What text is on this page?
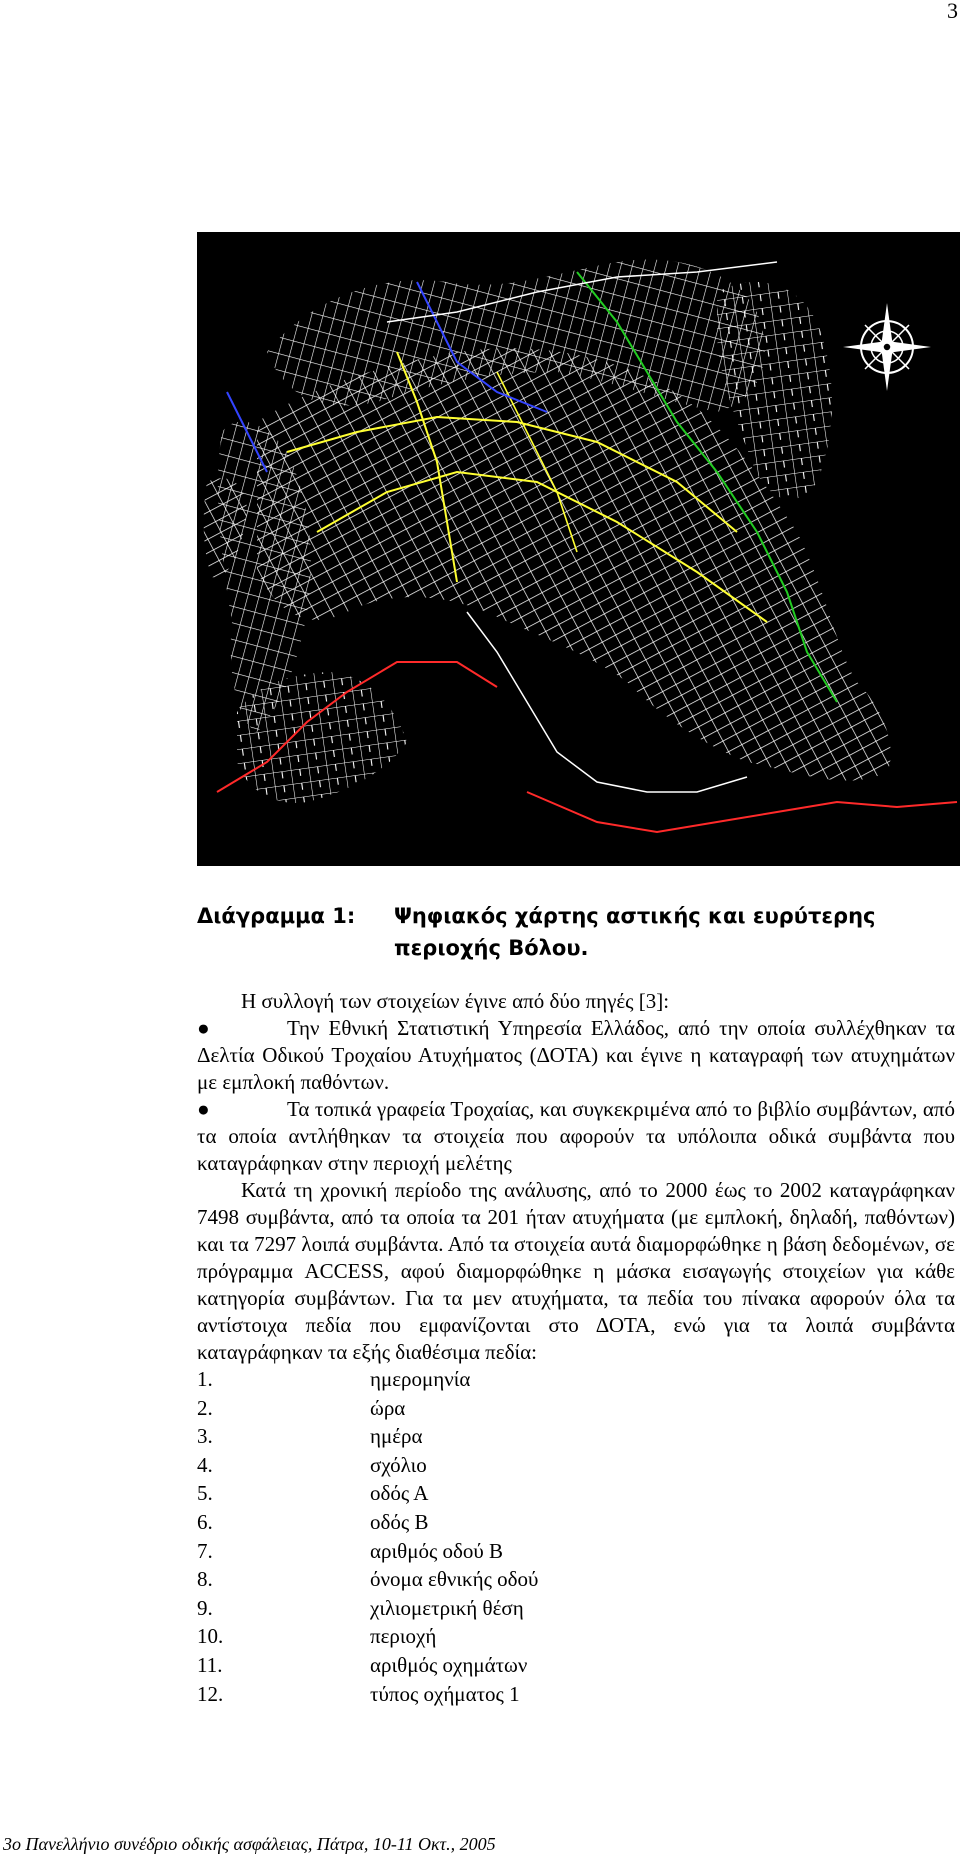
3
Διάγραμμα 1: Ψηφιακός χάρτης αστικής και ευρύτερης περιοχής Βόλου.

Η συλλογή των στοιχείων έγινε από δύο πηγές [3]:

●	Την Εθνική Στατιστική Υπηρεσία Ελλάδος, από την οποία συλλέχθηκαν τα Δελτία Οδικού Τροχαίου Ατυχήματος (ΔΟΤΑ) και έγινε η καταγραφή των ατυχημάτων με εμπλοκή παθόντων.

●	Τα τοπικά γραφεία Τροχαίας, και συγκεκριμένα από το βιβλίο συμβάντων, από τα οποία αντλήθηκαν τα στοιχεία που αφορούν τα υπόλοιπα οδικά συμβάντα που καταγράφηκαν στην περιοχή μελέτης

Κατά τη χρονική περίοδο της ανάλυσης, από το 2000 έως το 2002 καταγράφηκαν 7498 συμβάντα, από τα οποία τα 201 ήταν ατυχήματα (με εμπλοκή, δηλαδή, παθόντων) και τα 7297 λοιπά συμβάντα. Από τα στοιχεία αυτά διαμορφώθηκε η βάση δεδομένων, σε πρόγραμμα ACCESS, αφού διαμορφώθηκε η μάσκα εισαγωγής στοιχείων για κάθε κατηγορία συμβάντων. Για τα μεν ατυχήματα, τα πεδία του πίνακα αφορούν όλα τα αντίστοιχα πεδία που εμφανίζονται στο ΔΟΤΑ, ενώ για τα λοιπά συμβάντα καταγράφηκαν τα εξής διαθέσιμα πεδία:

1.	ημερομηνία
2.	ώρα
3.	ημέρα
4.	σχόλιο
5.	οδός Α
6.	οδός Β
7.	αριθμός οδού Β
8.	όνομα εθνικής οδού
9.	χιλιομετρική θέση
10.	περιοχή
11.	αριθμός οχημάτων
12.	τύπος οχήματος 1
3ο Πανελλήνιο συνέδριο οδικής ασφάλειας, Πάτρα, 10-11 Οκτ., 2005
